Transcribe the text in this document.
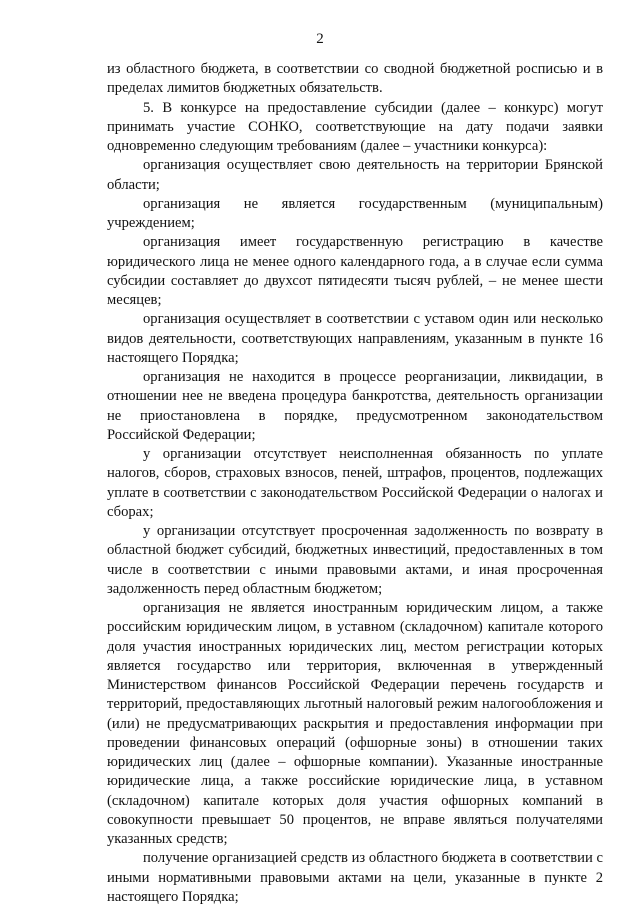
2

из областного бюджета, в соответствии со сводной бюджетной росписью и в пределах лимитов бюджетных обязательств.

5. В конкурсе на предоставление субсидии (далее – конкурс) могут принимать участие СОНКО, соответствующие на дату подачи заявки одновременно следующим требованиям (далее – участники конкурса):

организация осуществляет свою деятельность на территории Брянской области;

организация не является государственным (муниципальным) учреждением;

организация имеет государственную регистрацию в качестве юридического лица не менее одного календарного года, а в случае если сумма субсидии составляет до двухсот пятидесяти тысяч рублей, – не менее шести месяцев;

организация осуществляет в соответствии с уставом один или несколько видов деятельности, соответствующих направлениям, указанным в пункте 16 настоящего Порядка;

организация не находится в процессе реорганизации, ликвидации, в отношении нее не введена процедура банкротства, деятельность организации не приостановлена в порядке, предусмотренном законодательством Российской Федерации;

у организации отсутствует неисполненная обязанность по уплате налогов, сборов, страховых взносов, пеней, штрафов, процентов, подлежащих уплате в соответствии с законодательством Российской Федерации о налогах и сборах;

у организации отсутствует просроченная задолженность по возврату в областной бюджет субсидий, бюджетных инвестиций, предоставленных в том числе в соответствии с иными правовыми актами, и иная просроченная задолженность перед областным бюджетом;

организация не является иностранным юридическим лицом, а также российским юридическим лицом, в уставном (складочном) капитале которого доля участия иностранных юридических лиц, местом регистрации которых является государство или территория, включенная в утвержденный Министерством финансов Российской Федерации перечень государств и территорий, предоставляющих льготный налоговый режим налогообложения и (или) не предусматривающих раскрытия и предоставления информации при проведении финансовых операций (офшорные зоны) в отношении таких юридических лиц (далее – офшорные компании). Указанные иностранные юридические лица, а также российские юридические лица, в уставном (складочном) капитале которых доля участия офшорных компаний в совокупности превышает 50 процентов, не вправе являться получателями указанных средств;

получение организацией средств из областного бюджета в соответствии с иными нормативными правовыми актами на цели, указанные в пункте 2 настоящего Порядка;
